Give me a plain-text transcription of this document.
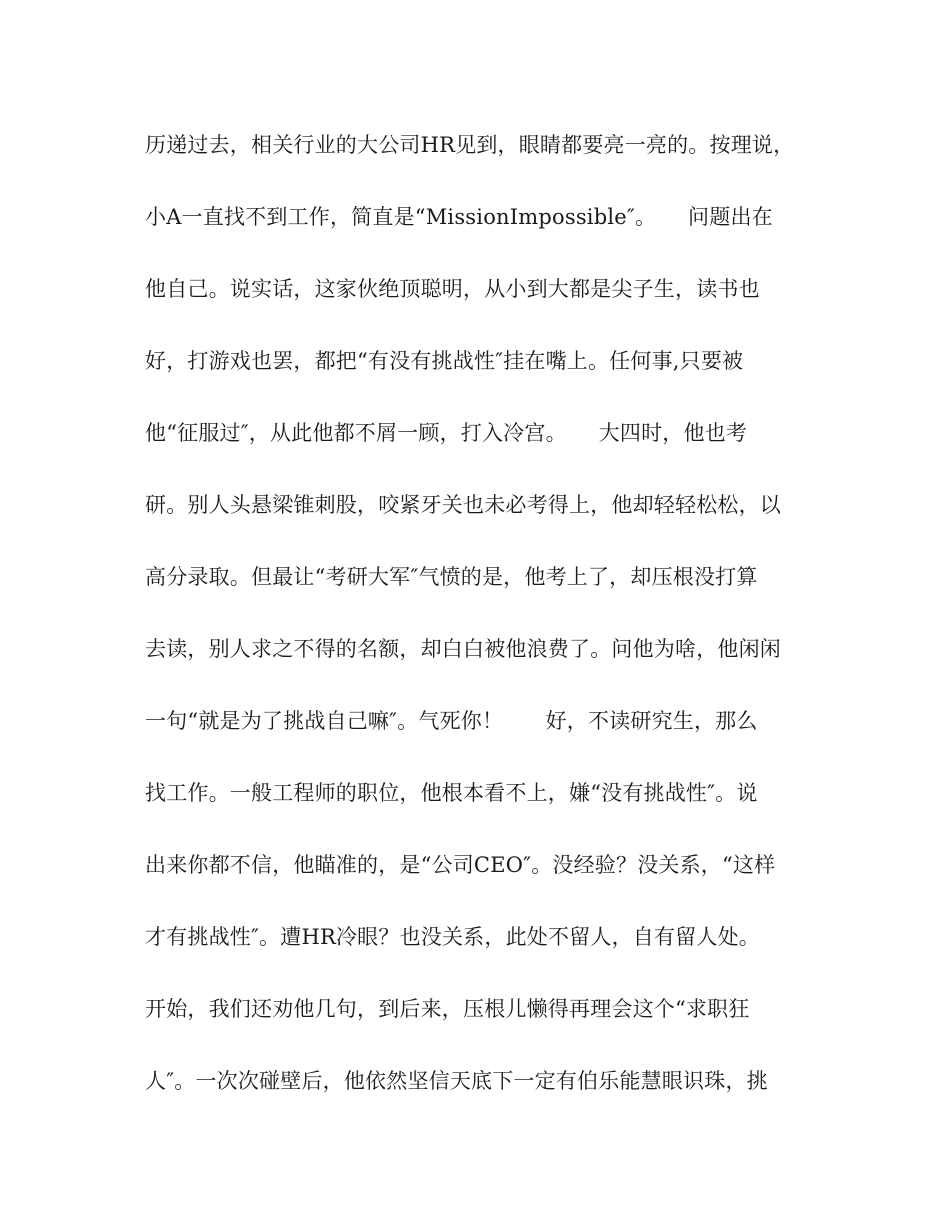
历递过去，相关行业的大公司HR见到，眼睛都要亮一亮的。按理说，
小A一直找不到工作，简直是“MissionImpossible″。　　问题出在
他自己。说实话，这家伙绝顶聪明，从小到大都是尖子生，读书也
好，打游戏也罢，都把“有没有挑战性″挂在嘴上。任何事,只要被
他“征服过″，从此他都不屑一顾，打入冷宫。　　大四时，他也考
研。别人头悬梁锥刺股，咬紧牙关也未必考得上，他却轻轻松松，以
高分录取。但最让“考研大军″气愤的是，他考上了，却压根没打算
去读，别人求之不得的名额，却白白被他浪费了。问他为啥，他闲闲
一句“就是为了挑战自己嘛″。气死你！　　好，不读研究生，那么
找工作。一般工程师的职位，他根本看不上，嫌“没有挑战性″。说
出来你都不信，他瞄准的，是“公司CEO″。没经验？没关系，“这样
才有挑战性″。遭HR冷眼？也没关系，此处不留人，自有留人处。
开始，我们还劝他几句，到后来，压根儿懒得再理会这个“求职狂
人″。一次次碰壁后，他依然坚信天底下一定有伯乐能慧眼识珠，挑
